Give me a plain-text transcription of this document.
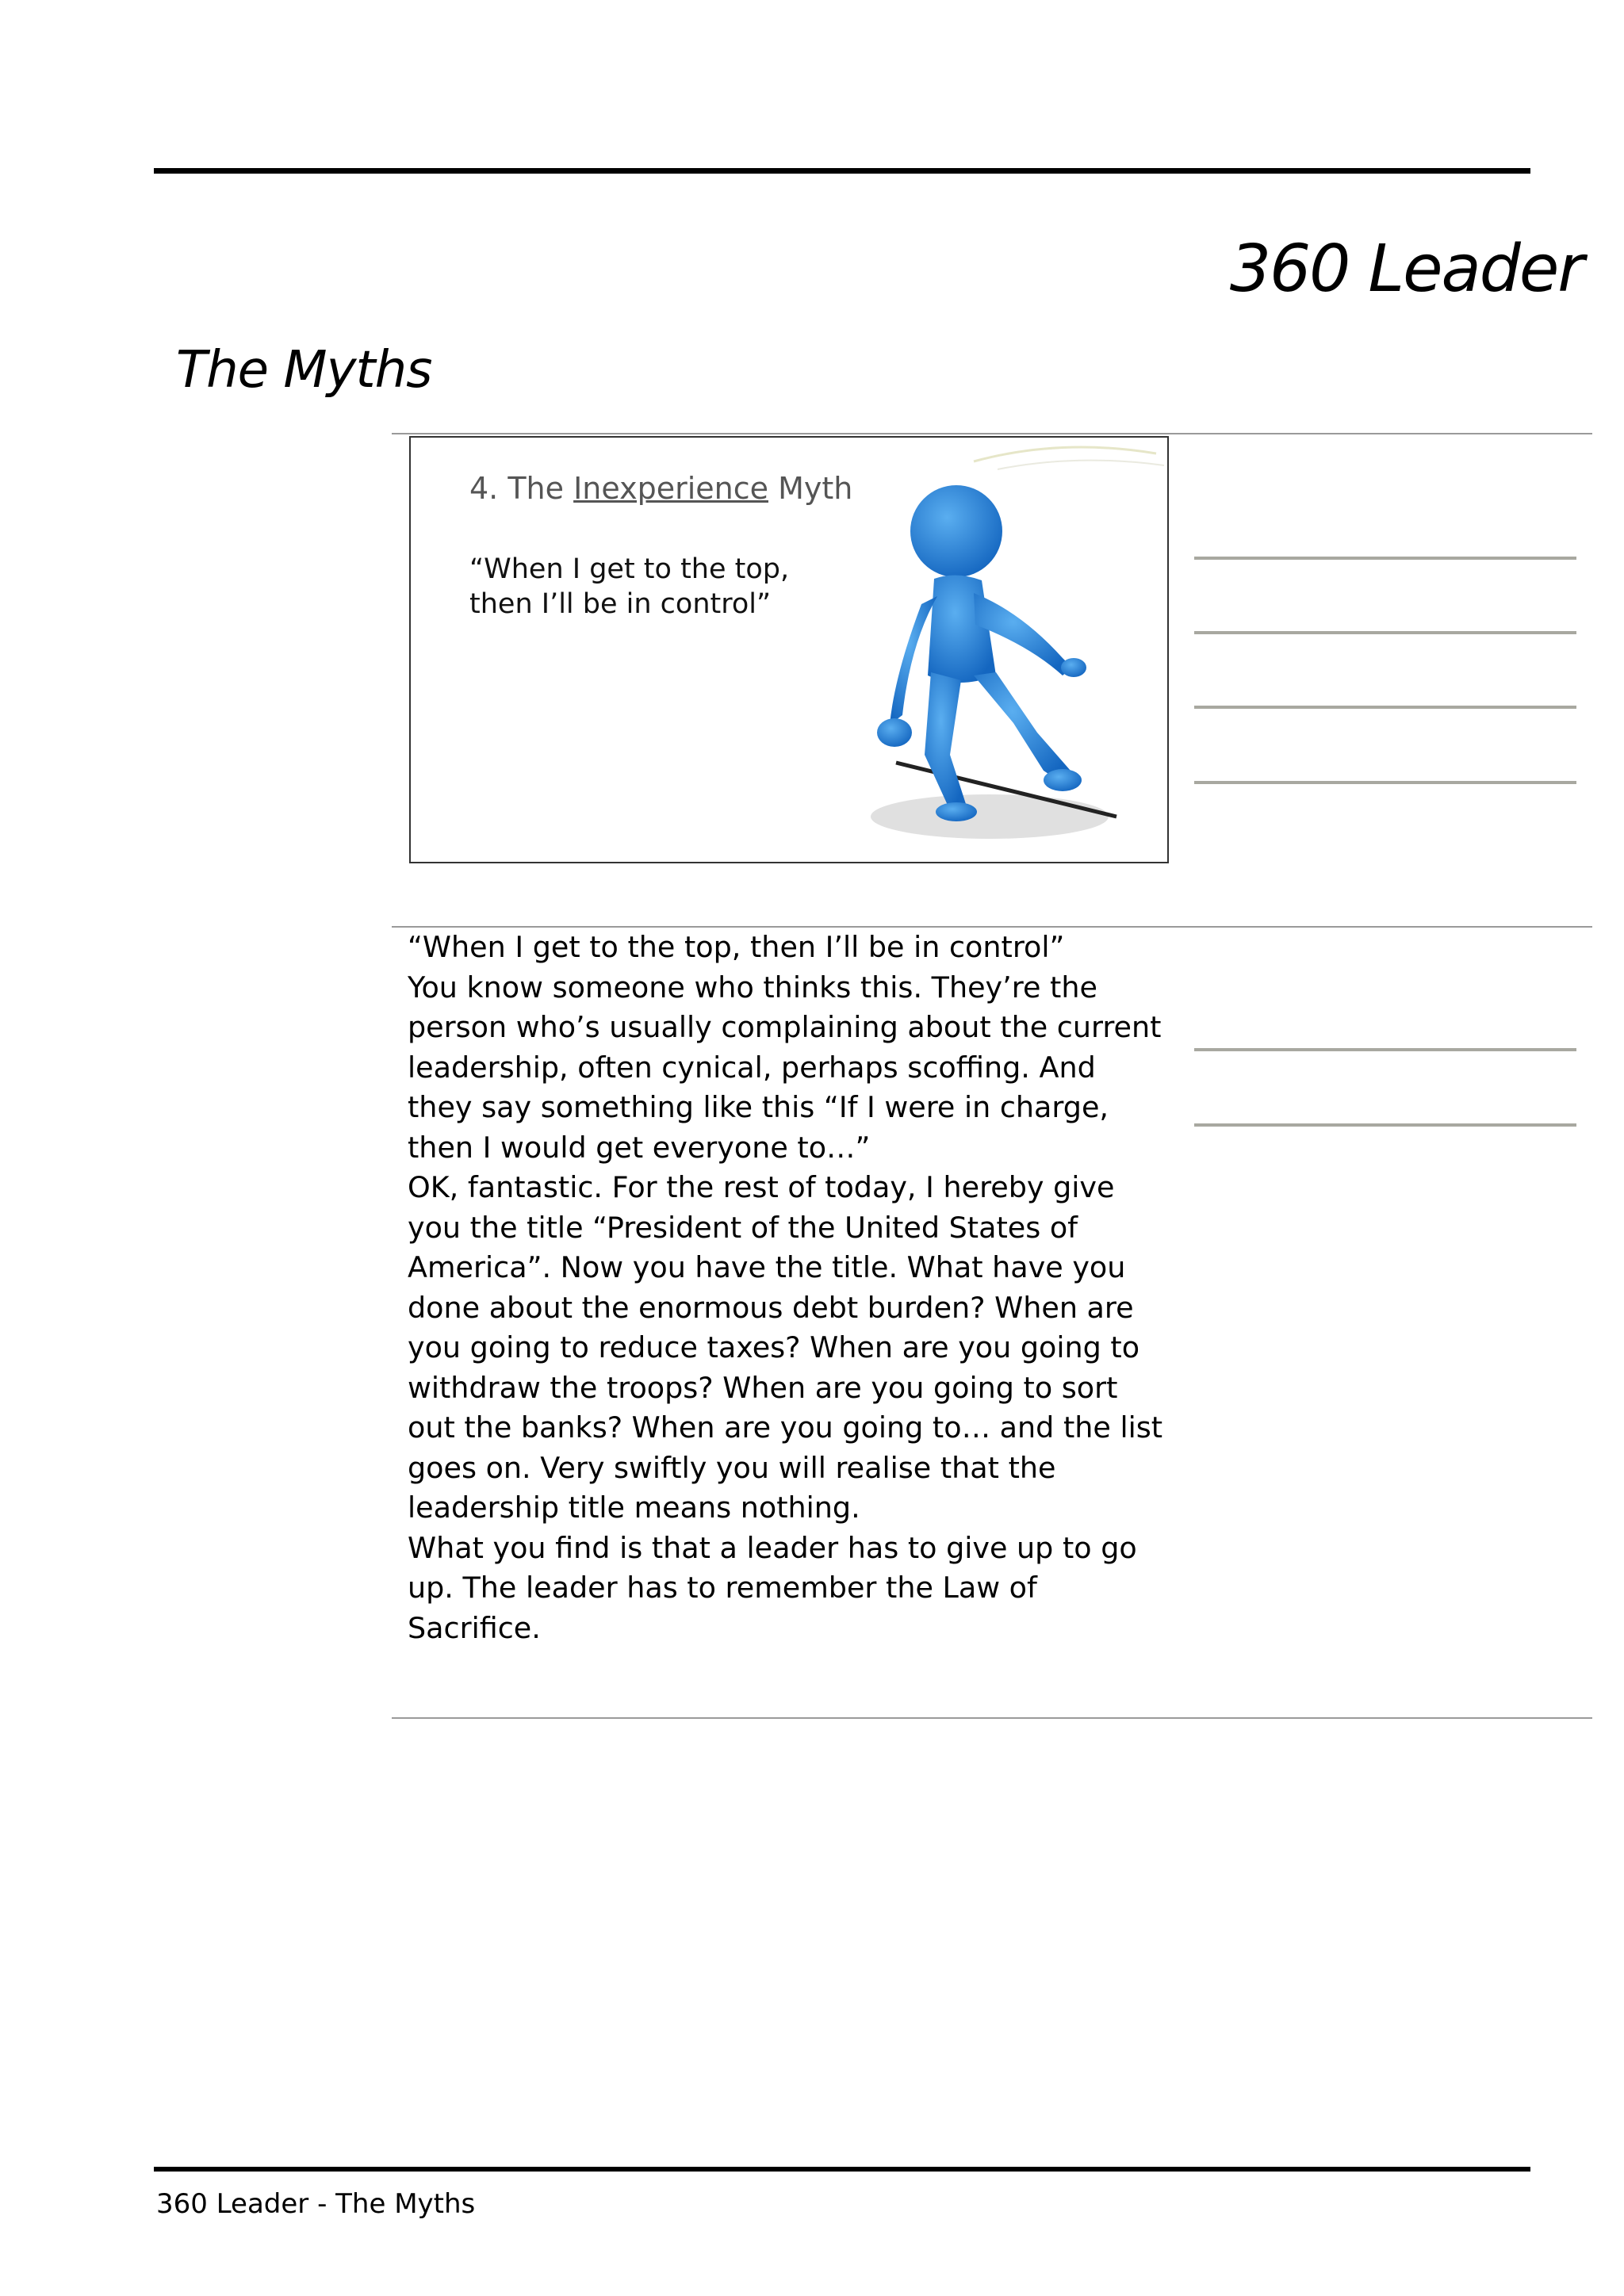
360 Leader
The Myths
4. The Inexperience Myth
“When I get to the top,
then I’ll be in control”

“When I get to the top, then I’ll be in control”

You know someone who thinks this. They’re the person who’s usually complaining about the current leadership, often cynical, perhaps scoffing. And they say something like this “If I were in charge, then I would get everyone to…”

OK, fantastic. For the rest of today, I hereby give you the title “President of the United States of America”. Now you have the title. What have you done about the enormous debt burden? When are you going to reduce taxes? When are you going to withdraw the troops? When are you going to sort out the banks? When are you going to… and the list goes on. Very swiftly you will realise that the leadership title means nothing.

What you find is that a leader has to give up to go up. The leader has to remember the Law of Sacrifice.

360 Leader - The Myths
